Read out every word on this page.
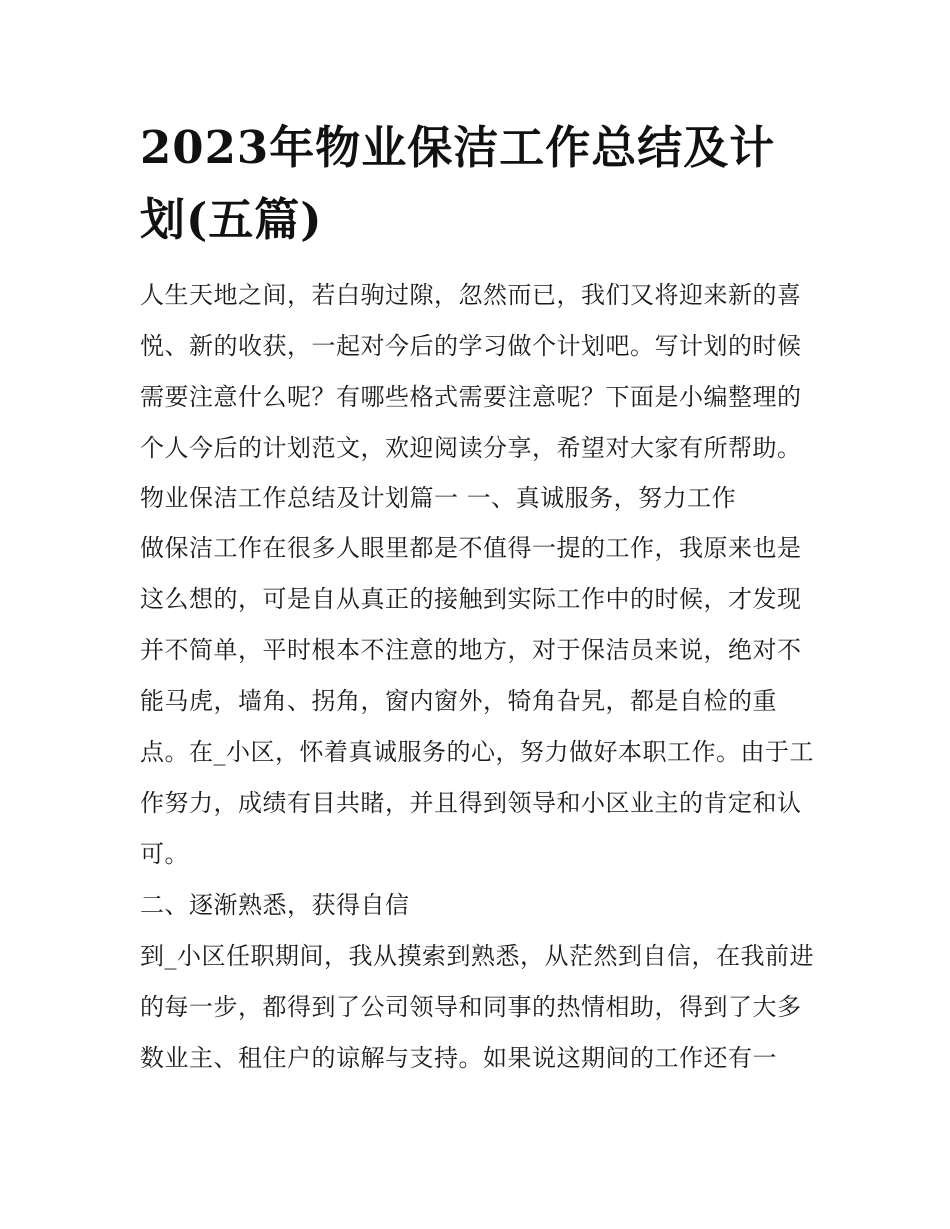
2023年物业保洁工作总结及计划(五篇)

人生天地之间，若白驹过隙，忽然而已，我们又将迎来新的喜悦、新的收获，一起对今后的学习做个计划吧。写计划的时候需要注意什么呢？有哪些格式需要注意呢？下面是小编整理的个人今后的计划范文，欢迎阅读分享，希望对大家有所帮助。

物业保洁工作总结及计划篇一 一、真诚服务，努力工作

做保洁工作在很多人眼里都是不值得一提的工作，我原来也是这么想的，可是自从真正的接触到实际工作中的时候，才发现并不简单，平时根本不注意的地方，对于保洁员来说，绝对不能马虎，墙角、拐角，窗内窗外，犄角旮旯，都是自检的重点。在_小区，怀着真诚服务的心，努力做好本职工作。由于工作努力，成绩有目共睹，并且得到领导和小区业主的肯定和认可。

二、逐渐熟悉，获得自信

到_小区任职期间，我从摸索到熟悉，从茫然到自信，在我前进的每一步，都得到了公司领导和同事的热情相助，得到了大多数业主、租住户的谅解与支持。如果说这期间的工作还有一
